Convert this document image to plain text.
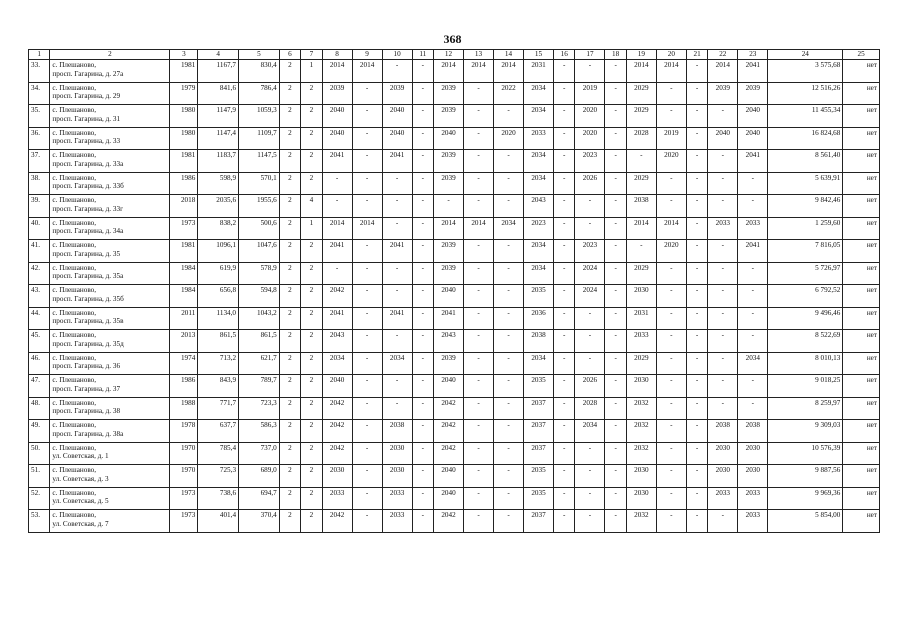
368
1	2	3	4	5	6	7	8	9	10	11	12	13	14	15	16	17	18	19	20	21	22	23	24	25
33.	с. Плешаново,
просп. Гагарина, д. 27а	1981	1167,7	830,4	2	1	2014	2014	-	-	2014	2014	2014	2031	-	-	-	2014	2014	-	2014	2041	3 575,68	нет
34.	с. Плешаново,
просп. Гагарина, д. 29	1979	841,6	786,4	2	2	2039	-	2039	-	2039	-	2022	2034	-	2019	-	2029	-	-	2039	2039	12 516,26	нет
35.	с. Плешаново,
просп. Гагарина, д. 31	1980	1147,9	1059,3	2	2	2040	-	2040	-	2039	-	-	2034	-	2020	-	2029	-	-	-	2040	11 455,34	нет
36.	с. Плешаново,
просп. Гагарина, д. 33	1980	1147,4	1109,7	2	2	2040	-	2040	-	2040	-	2020	2033	-	2020	-	2028	2019	-	2040	2040	16 824,68	нет
37.	с. Плешаново,
просп. Гагарина, д. 33а	1981	1183,7	1147,5	2	2	2041	-	2041	-	2039	-	-	2034	-	2023	-	-	2020	-	-	2041	8 561,40	нет
38.	с. Плешаново,
просп. Гагарина, д. 33б	1986	598,9	570,1	2	2	-	-	-	-	2039	-	-	2034	-	2026	-	2029	-	-	-	-	5 639,91	нет
39.	с. Плешаново,
просп. Гагарина, д. 33г	2018	2035,6	1955,6	2	4	-	-	-	-	-	-	-	2043	-	-	-	2038	-	-	-	-	9 842,46	нет
40.	с. Плешаново,
просп. Гагарина, д. 34а	1973	838,2	500,6	2	1	2014	2014	-	-	2014	2014	2034	2023	-	-	-	2014	2014	-	2033	2033	1 259,60	нет
41.	с. Плешаново,
просп. Гагарина, д. 35	1981	1096,1	1047,6	2	2	2041	-	2041	-	2039	-	-	2034	-	2023	-	-	2020	-	-	2041	7 816,05	нет
42.	с. Плешаново,
просп. Гагарина, д. 35а	1984	619,9	578,9	2	2	-	-	-	-	2039	-	-	2034	-	2024	-	2029	-	-	-	-	5 726,97	нет
43.	с. Плешаново,
просп. Гагарина, д. 35б	1984	656,8	594,8	2	2	2042	-	-	-	2040	-	-	2035	-	2024	-	2030	-	-	-	-	6 792,52	нет
44.	с. Плешаново,
просп. Гагарина, д. 35в	2011	1134,0	1043,2	2	2	2041	-	2041	-	2041	-	-	2036	-	-	-	2031	-	-	-	-	9 496,46	нет
45.	с. Плешаново,
просп. Гагарина, д. 35д	2013	861,5	861,5	2	2	2043	-	-	-	2043	-	-	2038	-	-	-	2033	-	-	-	-	8 522,69	нет
46.	с. Плешаново,
просп. Гагарина, д. 36	1974	713,2	621,7	2	2	2034	-	2034	-	2039	-	-	2034	-	-	-	2029	-	-	-	2034	8 010,13	нет
47.	с. Плешаново,
просп. Гагарина, д. 37	1986	843,9	789,7	2	2	2040	-	-	-	2040	-	-	2035	-	2026	-	2030	-	-	-	-	9 018,25	нет
48.	с. Плешаново,
просп. Гагарина, д. 38	1988	771,7	723,3	2	2	2042	-	-	-	2042	-	-	2037	-	2028	-	2032	-	-	-	-	8 259,97	нет
49.	с. Плешаново,
просп. Гагарина, д. 38а	1978	637,7	586,3	2	2	2042	-	2038	-	2042	-	-	2037	-	2034	-	2032	-	-	2038	2038	9 309,03	нет
50.	с. Плешаново,
ул. Советская, д. 1	1970	785,4	737,0	2	2	2042	-	2030	-	2042	-	-	2037	-	-	-	2032	-	-	2030	2030	10 576,39	нет
51.	с. Плешаново,
ул. Советская, д. 3	1970	725,3	689,0	2	2	2030	-	2030	-	2040	-	-	2035	-	-	-	2030	-	-	2030	2030	9 887,56	нет
52.	с. Плешаново,
ул. Советская, д. 5	1973	738,6	694,7	2	2	2033	-	2033	-	2040	-	-	2035	-	-	-	2030	-	-	2033	2033	9 969,36	нет
53.	с. Плешаново,
ул. Советская, д. 7	1973	401,4	370,4	2	2	2042	-	2033	-	2042	-	-	2037	-	-	-	2032	-	-	-	2033	5 854,00	нет
